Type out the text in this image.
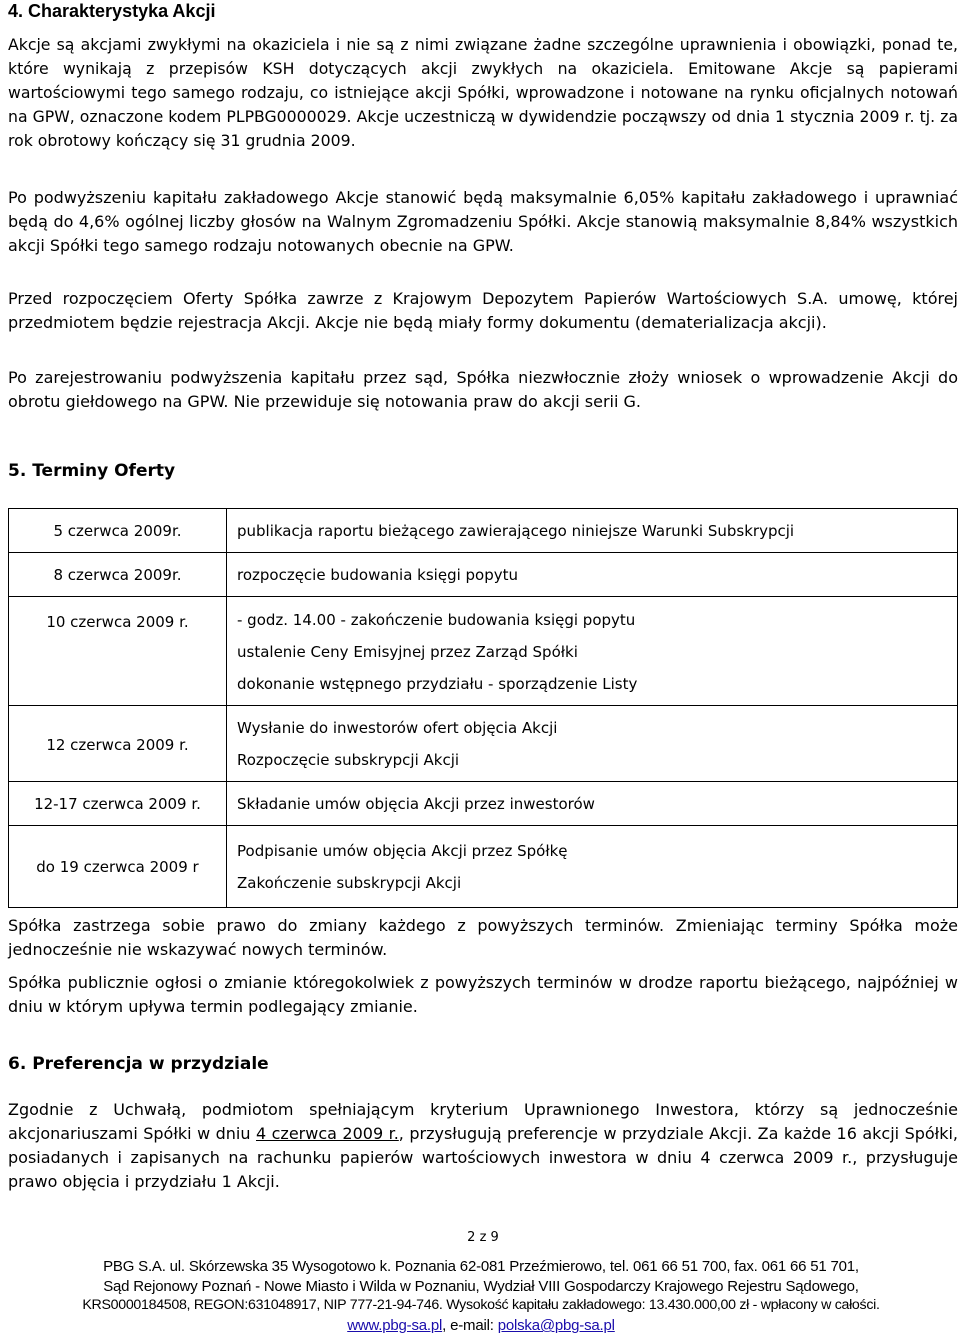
4. Charakterystyka Akcji

Akcje są akcjami zwykłymi na okaziciela i nie są z nimi związane żadne szczególne uprawnienia i obowiązki, ponad te, które wynikają z przepisów KSH dotyczących akcji zwykłych na okaziciela. Emitowane Akcje są papierami wartościowymi tego samego rodzaju, co istniejące akcji Spółki, wprowadzone i notowane na rynku oficjalnych notowań na GPW, oznaczone kodem PLPBG0000029. Akcje uczestniczą w dywidendzie począwszy od dnia 1 stycznia 2009 r. tj. za rok obrotowy kończący się 31 grudnia 2009.

Po podwyższeniu kapitału zakładowego Akcje stanowić będą maksymalnie 6,05% kapitału zakładowego i uprawniać będą do 4,6% ogólnej liczby głosów na Walnym Zgromadzeniu Spółki. Akcje stanowią maksymalnie 8,84% wszystkich akcji Spółki tego samego rodzaju notowanych obecnie na GPW.

Przed rozpoczęciem Oferty Spółka zawrze z Krajowym Depozytem Papierów Wartościowych S.A. umowę, której przedmiotem będzie rejestracja Akcji. Akcje nie będą miały formy dokumentu (dematerializacja akcji).

Po zarejestrowaniu podwyższenia kapitału przez sąd, Spółka niezwłocznie złoży wniosek o wprowadzenie Akcji do obrotu giełdowego na GPW. Nie przewiduje się notowania praw do akcji serii G.

5. Terminy Oferty
5 czerwca 2009r.	publikacja raportu bieżącego zawierającego niniejsze Warunki Subskrypcji

8 czerwca 2009r.	rozpoczęcie budowania księgi popytu

10 czerwca 2009 r.	- godz. 14.00 - zakończenie budowania księgi popytu
ustalenie Ceny Emisyjnej przez Zarząd Spółki
dokonanie wstępnego przydziału - sporządzenie Listy

12 czerwca 2009 r.	Wysłanie do inwestorów ofert objęcia Akcji
Rozpoczęcie subskrypcji Akcji

12-17 czerwca 2009 r.	Składanie umów objęcia Akcji przez inwestorów

do 19 czerwca 2009 r	Podpisanie umów objęcia Akcji przez Spółkę
Zakończenie subskrypcji Akcji

Spółka zastrzega sobie prawo do zmiany każdego z powyższych terminów. Zmieniając terminy Spółka może jednocześnie nie wskazywać nowych terminów.

Spółka publicznie ogłosi o zmianie któregokolwiek z powyższych terminów w drodze raportu bieżącego, najpóźniej w dniu w którym upływa termin podlegający zmianie.

6. Preferencja w przydziale

Zgodnie z Uchwałą, podmiotom spełniającym kryterium Uprawnionego Inwestora, którzy są jednocześnie akcjonariuszami Spółki w dniu 4 czerwca 2009 r., przysługują preferencje w przydziale Akcji. Za każde 16 akcji Spółki, posiadanych i zapisanych na rachunku papierów wartościowych inwestora w dniu 4 czerwca 2009 r., przysługuje prawo objęcia i przydziału 1 Akcji.

2 z 9
PBG S.A. ul. Skórzewska 35 Wysogotowo k. Poznania 62-081 Przeźmierowo, tel. 061 66 51 700, fax. 061 66 51 701,
Sąd Rejonowy Poznań - Nowe Miasto i Wilda w Poznaniu, Wydział VIII Gospodarczy Krajowego Rejestru Sądowego,
KRS0000184508, REGON:631048917, NIP 777-21-94-746. Wysokość kapitału zakładowego: 13.430.000,00 zł - wpłacony w całości.
www.pbg-sa.pl, e-mail: polska@pbg-sa.pl
